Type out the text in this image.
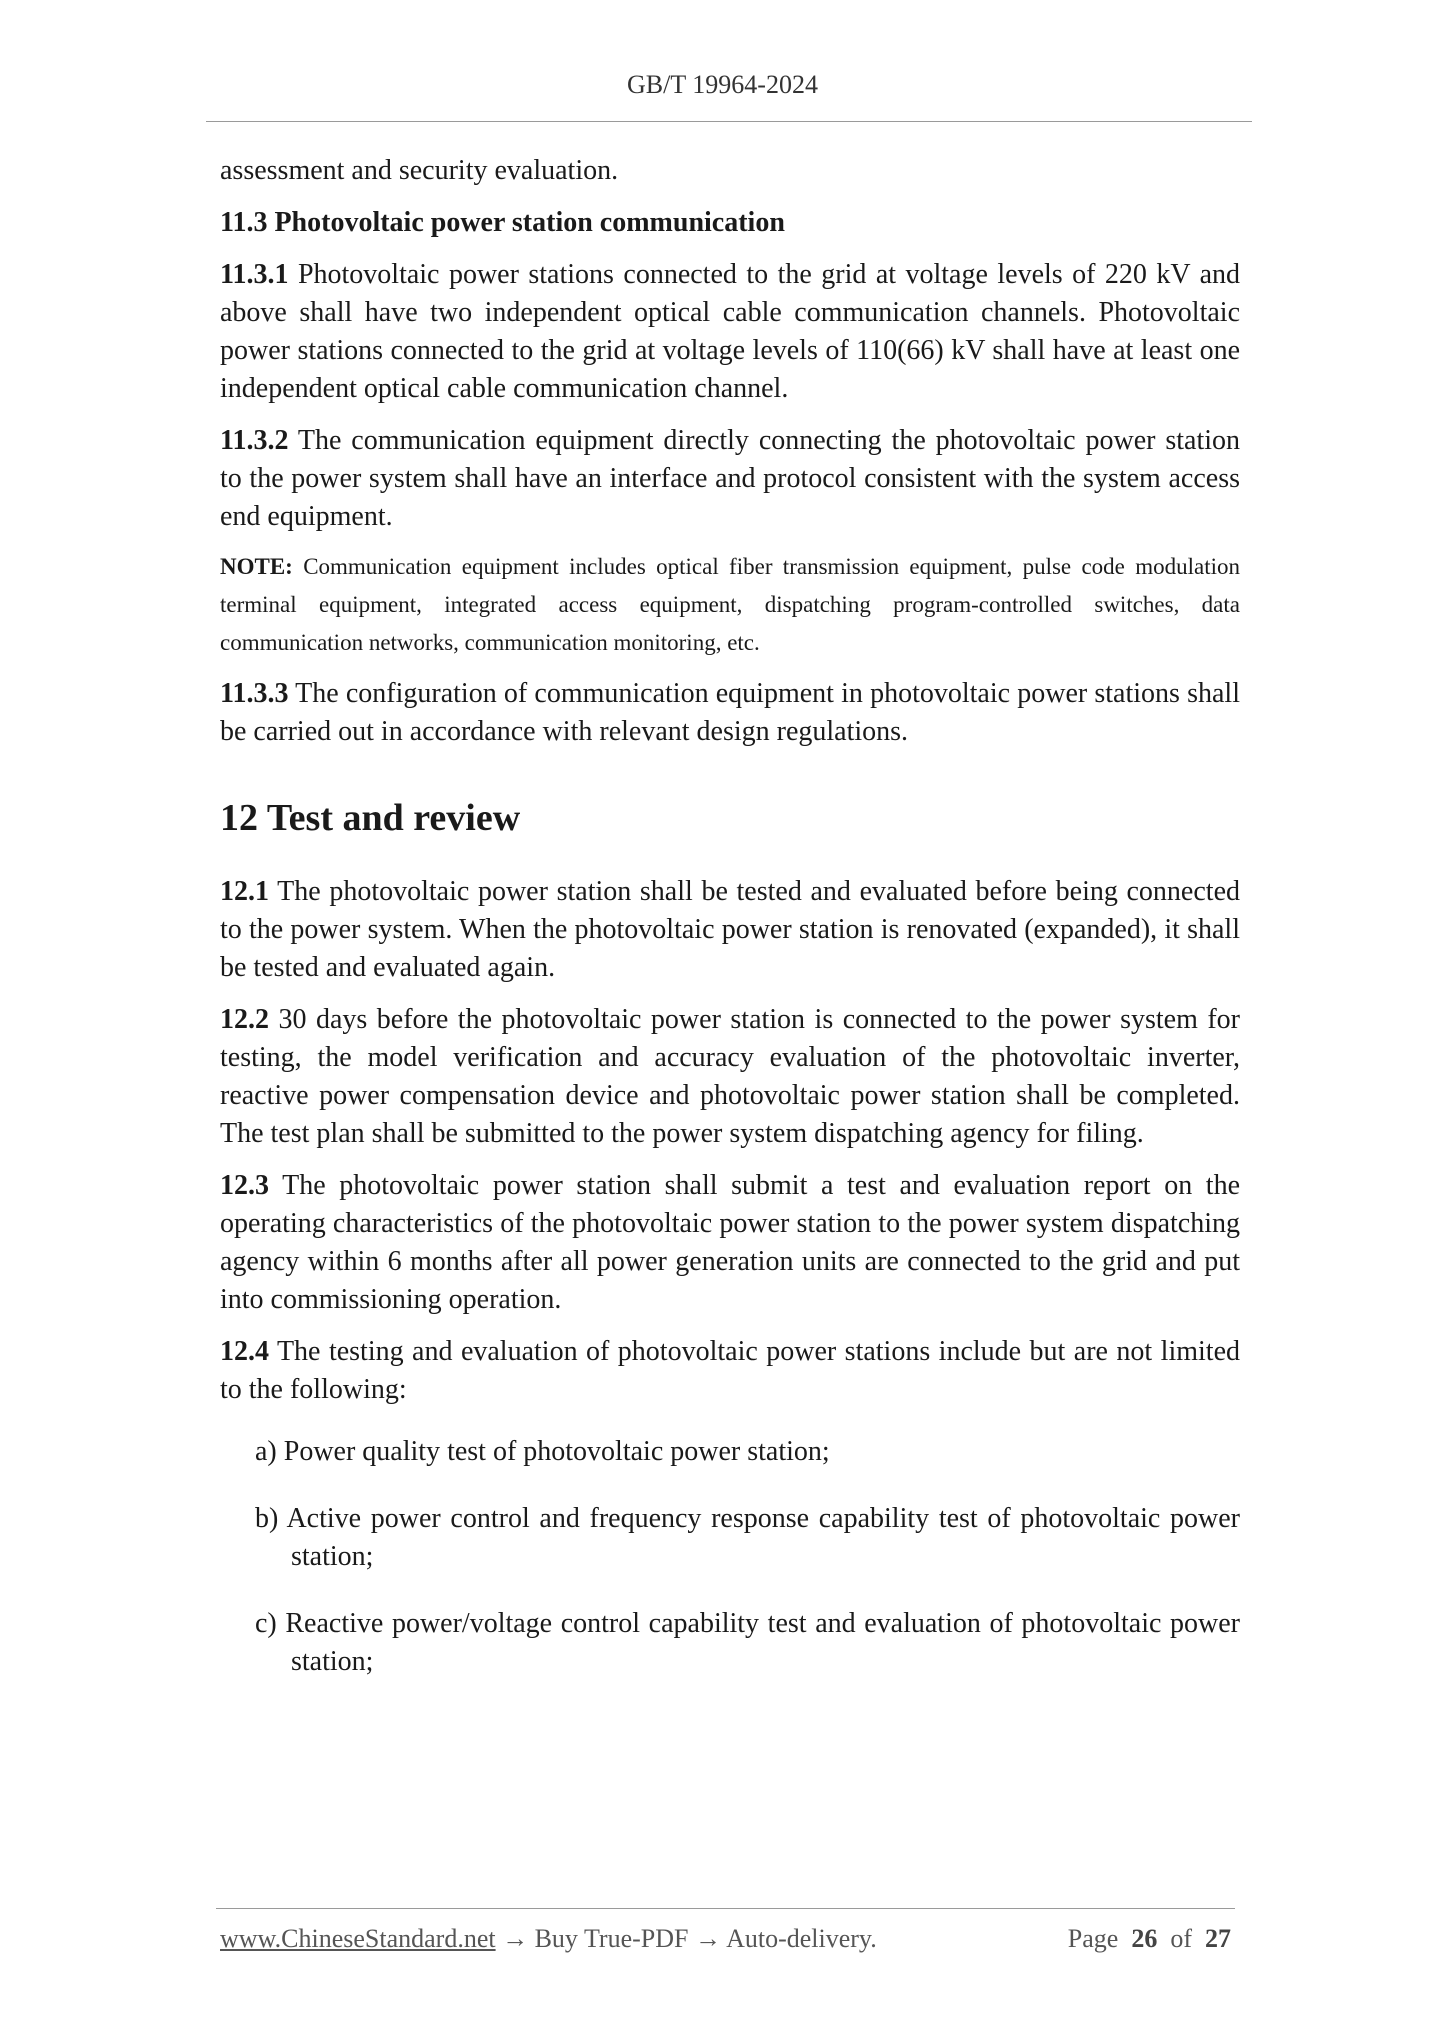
GB/T 19964-2024

assessment and security evaluation.

11.3 Photovoltaic power station communication

11.3.1 Photovoltaic power stations connected to the grid at voltage levels of 220 kV and above shall have two independent optical cable communication channels. Photovoltaic power stations connected to the grid at voltage levels of 110(66) kV shall have at least one independent optical cable communication channel.

11.3.2 The communication equipment directly connecting the photovoltaic power station to the power system shall have an interface and protocol consistent with the system access end equipment.

NOTE: Communication equipment includes optical fiber transmission equipment, pulse code modulation terminal equipment, integrated access equipment, dispatching program-controlled switches, data communication networks, communication monitoring, etc.

11.3.3 The configuration of communication equipment in photovoltaic power stations shall be carried out in accordance with relevant design regulations.

12 Test and review

12.1 The photovoltaic power station shall be tested and evaluated before being connected to the power system. When the photovoltaic power station is renovated (expanded), it shall be tested and evaluated again.

12.2 30 days before the photovoltaic power station is connected to the power system for testing, the model verification and accuracy evaluation of the photovoltaic inverter, reactive power compensation device and photovoltaic power station shall be completed. The test plan shall be submitted to the power system dispatching agency for filing.

12.3 The photovoltaic power station shall submit a test and evaluation report on the operating characteristics of the photovoltaic power station to the power system dispatching agency within 6 months after all power generation units are connected to the grid and put into commissioning operation.

12.4 The testing and evaluation of photovoltaic power stations include but are not limited to the following:

a) Power quality test of photovoltaic power station;

b) Active power control and frequency response capability test of photovoltaic power station;

c) Reactive power/voltage control capability test and evaluation of photovoltaic power station;

www.ChineseStandard.net → Buy True-PDF → Auto-delivery.	Page 26 of 27
